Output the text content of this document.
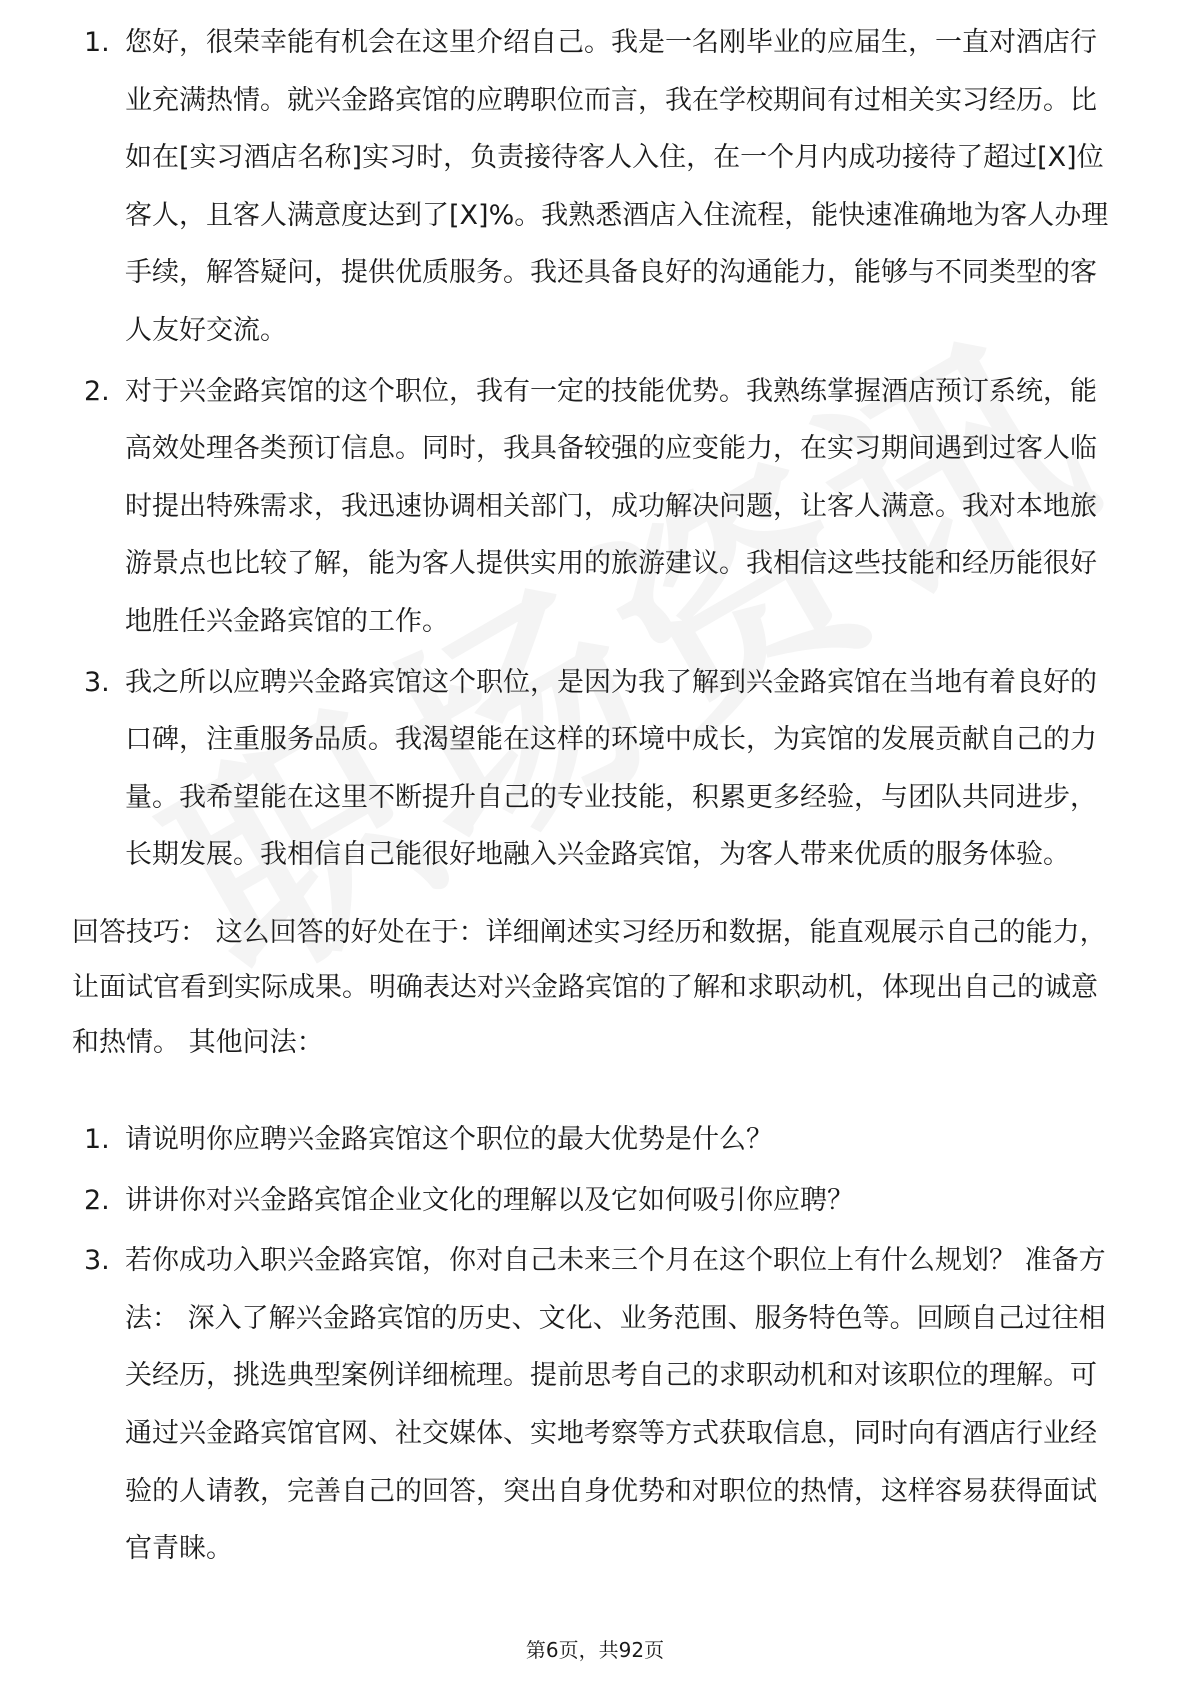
1. 您好，很荣幸能有机会在这里介绍自己。我是一名刚毕业的应届生，一直对酒店行业充满热情。就兴金路宾馆的应聘职位而言，我在学校期间有过相关实习经历。比如在[实习酒店名称]实习时，负责接待客人入住，在一个月内成功接待了超过[X]位客人，且客人满意度达到了[X]%。我熟悉酒店入住流程，能快速准确地为客人办理手续，解答疑问，提供优质服务。我还具备良好的沟通能力，能够与不同类型的客人友好交流。
2. 对于兴金路宾馆的这个职位，我有一定的技能优势。我熟练掌握酒店预订系统，能高效处理各类预订信息。同时，我具备较强的应变能力，在实习期间遇到过客人临时提出特殊需求，我迅速协调相关部门，成功解决问题，让客人满意。我对本地旅游景点也比较了解，能为客人提供实用的旅游建议。我相信这些技能和经历能很好地胜任兴金路宾馆的工作。
3. 我之所以应聘兴金路宾馆这个职位，是因为我了解到兴金路宾馆在当地有着良好的口碑，注重服务品质。我渴望能在这样的环境中成长，为宾馆的发展贡献自己的力量。我希望能在这里不断提升自己的专业技能，积累更多经验，与团队共同进步，长期发展。我相信自己能很好地融入兴金路宾馆，为客人带来优质的服务体验。
回答技巧： 这么回答的好处在于：详细阐述实习经历和数据，能直观展示自己的能力，让面试官看到实际成果。明确表达对兴金路宾馆的了解和求职动机，体现出自己的诚意和热情。 其他问法：
1. 请说明你应聘兴金路宾馆这个职位的最大优势是什么？
2. 讲讲你对兴金路宾馆企业文化的理解以及它如何吸引你应聘？
3. 若你成功入职兴金路宾馆，你对自己未来三个月在这个职位上有什么规划？ 准备方法： 深入了解兴金路宾馆的历史、文化、业务范围、服务特色等。回顾自己过往相关经历，挑选典型案例详细梳理。提前思考自己的求职动机和对该职位的理解。可通过兴金路宾馆官网、社交媒体、实地考察等方式获取信息，同时向有酒店行业经验的人请教，完善自己的回答，突出自身优势和对职位的热情，这样容易获得面试官青睐。
第6页，共92页
